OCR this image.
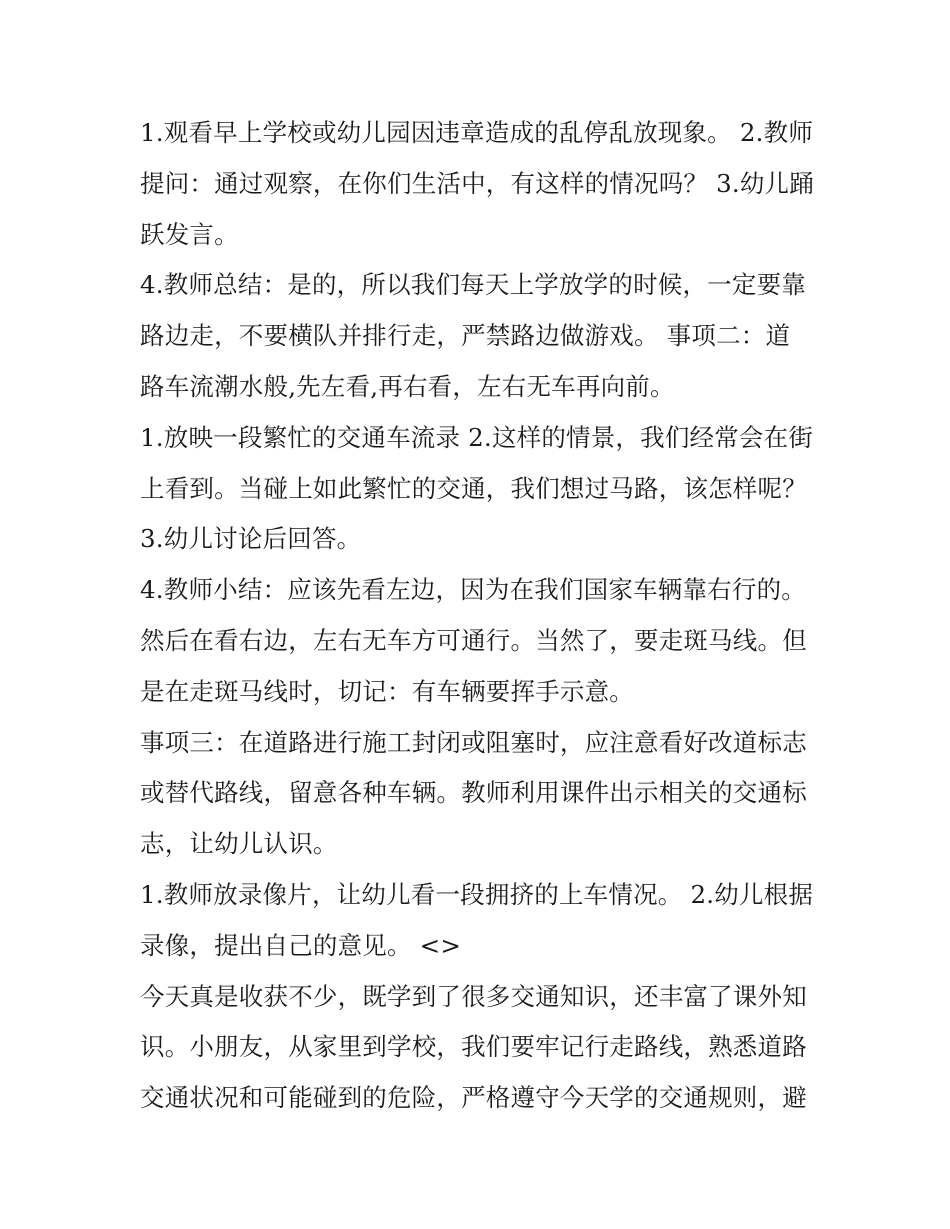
1.观看早上学校或幼儿园因违章造成的乱停乱放现象。 2.教师
提问：通过观察，在你们生活中，有这样的情况吗？ 3.幼儿踊
跃发言。
4.教师总结：是的，所以我们每天上学放学的时候，一定要靠
路边走，不要横队并排行走，严禁路边做游戏。 事项二：道
路车流潮水般,先左看,再右看，左右无车再向前。
1.放映一段繁忙的交通车流录 2.这样的情景，我们经常会在街
上看到。当碰上如此繁忙的交通，我们想过马路，该怎样呢？
3.幼儿讨论后回答。
4.教师小结：应该先看左边，因为在我们国家车辆靠右行的。
然后在看右边，左右无车方可通行。当然了，要走斑马线。但
是在走斑马线时，切记：有车辆要挥手示意。
事项三：在道路进行施工封闭或阻塞时，应注意看好改道标志
或替代路线，留意各种车辆。教师利用课件出示相关的交通标
志，让幼儿认识。
1.教师放录像片，让幼儿看一段拥挤的上车情况。 2.幼儿根据
录像，提出自己的意见。 <>
今天真是收获不少，既学到了很多交通知识，还丰富了课外知
识。小朋友，从家里到学校，我们要牢记行走路线，熟悉道路
交通状况和可能碰到的危险，严格遵守今天学的交通规则，避
